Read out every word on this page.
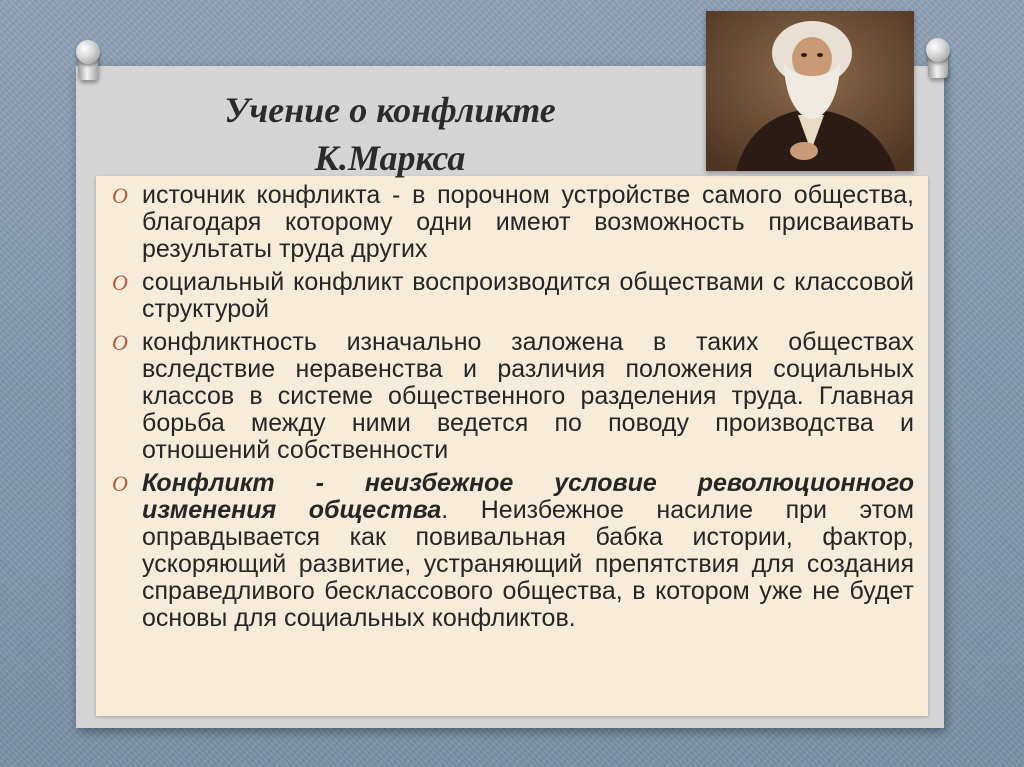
Учение о конфликте
К.Маркса
O источник конфликта - в порочном устройстве самого общества, благодаря которому одни имеют возможность присваивать результаты труда других
O социальный конфликт воспроизводится обществами с классовой структурой
O конфликтность изначально заложена в таких обществах вследствие неравенства и различия положения социальных классов в системе общественного разделения труда. Главная борьба между ними ведется по поводу производства и отношений собственности
O Конфликт - неизбежное условие революционного изменения общества. Неизбежное насилие при этом оправдывается как повивальная бабка истории, фактор, ускоряющий развитие, устраняющий препятствия для создания справедливого бесклассового общества, в котором уже не будет основы для социальных конфликтов.
